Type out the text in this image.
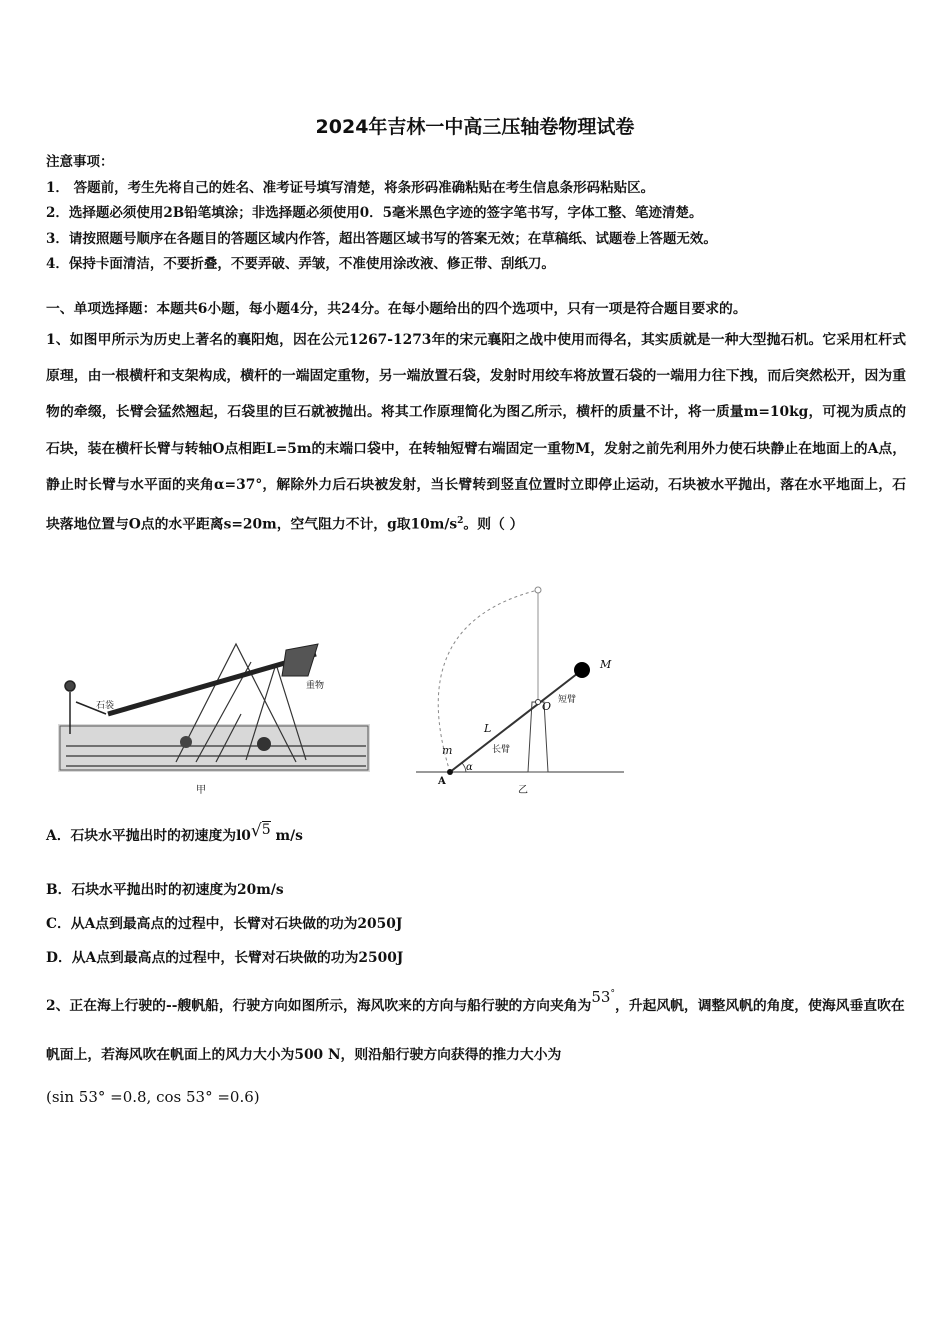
2024年吉林一中高三压轴卷物理试卷
注意事项：
1． 答题前，考生先将自己的姓名、准考证号填写清楚，将条形码准确粘贴在考生信息条形码粘贴区。
2．选择题必须使用2B铅笔填涂；非选择题必须使用0．5毫米黑色字迹的签字笔书写，字体工整、笔迹清楚。
3．请按照题号顺序在各题目的答题区域内作答，超出答题区域书写的答案无效；在草稿纸、试题卷上答题无效。
4．保持卡面清洁，不要折叠，不要弄破、弄皱，不准使用涂改液、修正带、刮纸刀。
一、单项选择题：本题共6小题，每小题4分，共24分。在每小题给出的四个选项中，只有一项是符合题目要求的。
1、如图甲所示为历史上著名的襄阳炮，因在公元1267-1273年的宋元襄阳之战中使用而得名，其实质就是一种大型抛石机。它采用杠杆式原理，由一根横杆和支架构成，横杆的一端固定重物，另一端放置石袋，发射时用绞车将放置石袋的一端用力往下拽，而后突然松开，因为重物的牵缀，长臂会猛然翘起，石袋里的巨石就被抛出。将其工作原理简化为图乙所示，横杆的质量不计，将一质量m=10kg，可视为质点的石块，装在横杆长臂与转轴O点相距L=5m的末端口袋中，在转轴短臂右端固定一重物M，发射之前先利用外力使石块静止在地面上的A点，静止时长臂与水平面的夹角α=37°，解除外力后石块被发射，当长臂转到竖直位置时立即停止运动，石块被水平抛出，落在水平地面上，石块落地位置与O点的水平距离s=20m，空气阻力不计，g取$10m/s^2$。则（ ）
石袋
重物
甲
M
O 短臂
L
长臂
m
α
A
乙
A．石块水平抛出时的初速度为l0√5 m/s
B．石块水平抛出时的初速度为20m/s
C．从A点到最高点的过程中，长臂对石块做的功为2050J
D．从A点到最高点的过程中，长臂对石块做的功为2500J
2、正在海上行驶的--艘帆船，行驶方向如图所示，海风吹来的方向与船行驶的方向夹角为53°，升起风帆，调整风帆的角度，使海风垂直吹在帆面上，若海风吹在帆面上的风力大小为500 N，则沿船行驶方向获得的推力大小为
(sin 53° =0.8, cos 53° =0.6)
